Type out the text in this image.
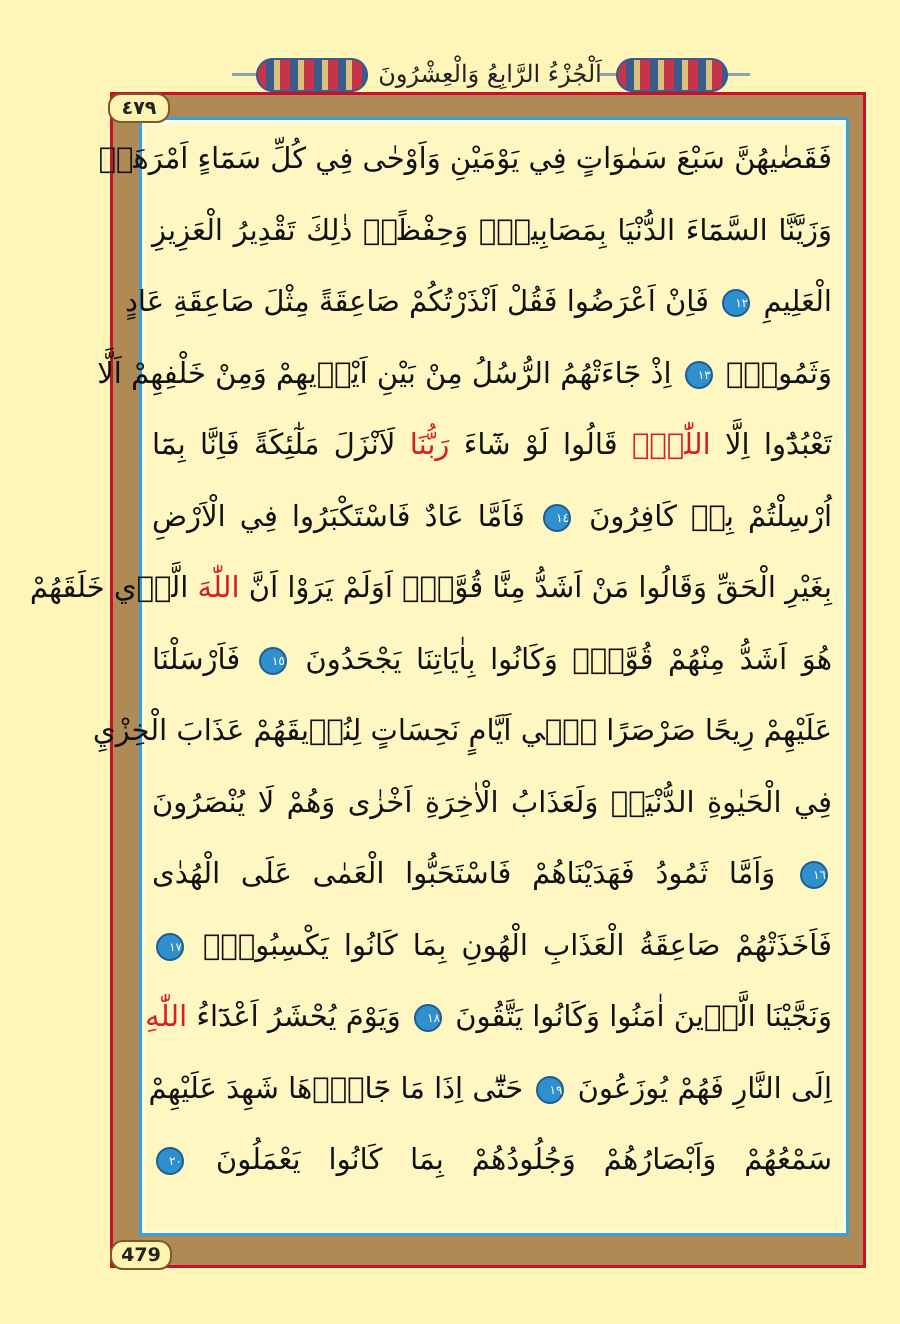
اَلْجُزْءُ الرَّابِعُ وَالْعِشْرُونَ
٤٧٩
479
فَقَضٰيهُنَّ سَبْعَ سَمٰوَاتٍ فِي يَوْمَيْنِ وَاَوْحٰى فِي كُلِّ سَمَٓاءٍ اَمْرَهَاۜ
وَزَيَّنَّا السَّمَٓاءَ الدُّنْيَا بِمَصَابِيحَۗ وَحِفْظًاۜ ذٰلِكَ تَقْدِيرُ الْعَزِيزِ
الْعَلِيمِ ١٢ فَاِنْ اَعْرَضُوا فَقُلْ اَنْذَرْتُكُمْ صَاعِقَةً مِثْلَ صَاعِقَةِ عَادٍ
وَثَمُودَۜ ١٣ اِذْ جَٓاءَتْهُمُ الرُّسُلُ مِنْ بَيْنِ اَيْدٖيهِمْ وَمِنْ خَلْفِهِمْ اَلَّا
تَعْبُدُٓوا اِلَّا اللّٰهَۜ قَالُوا لَوْ شَٓاءَ رَبُّنَا لَاَنْزَلَ مَلٰٓئِكَةً فَاِنَّا بِمَٓا
اُرْسِلْتُمْ بِهٖ كَافِرُونَ ١٤ فَاَمَّا عَادٌ فَاسْتَكْبَرُوا فِي الْاَرْضِ
بِغَيْرِ الْحَقِّ وَقَالُوا مَنْ اَشَدُّ مِنَّا قُوَّةًۜ اَوَلَمْ يَرَوْا اَنَّ اللّٰهَ الَّذٖي خَلَقَهُمْ
هُوَ اَشَدُّ مِنْهُمْ قُوَّةًۜ وَكَانُوا بِاٰيَاتِنَا يَجْحَدُونَ ١٥ فَاَرْسَلْنَا
عَلَيْهِمْ رِيحًا صَرْصَرًا فٖٓي اَيَّامٍ نَحِسَاتٍ لِنُذٖيقَهُمْ عَذَابَ الْخِزْيِ
فِي الْحَيٰوةِ الدُّنْيَاۜ وَلَعَذَابُ الْاٰخِرَةِ اَخْزٰى وَهُمْ لَا يُنْصَرُونَ
١٦ وَاَمَّا ثَمُودُ فَهَدَيْنَاهُمْ فَاسْتَحَبُّوا الْعَمٰى عَلَى الْهُدٰى
فَاَخَذَتْهُمْ صَاعِقَةُ الْعَذَابِ الْهُونِ بِمَا كَانُوا يَكْسِبُونَۚ ١٧
وَنَجَّيْنَا الَّذٖينَ اٰمَنُوا وَكَانُوا يَتَّقُونَ ١٨ وَيَوْمَ يُحْشَرُ اَعْدَٓاءُ اللّٰهِ
اِلَى النَّارِ فَهُمْ يُوزَعُونَ ١٩ حَتّٰٓى اِذَا مَا جَٓاؤُ۫هَا شَهِدَ عَلَيْهِمْ
سَمْعُهُمْ وَاَبْصَارُهُمْ وَجُلُودُهُمْ بِمَا كَانُوا يَعْمَلُونَ ٢٠
